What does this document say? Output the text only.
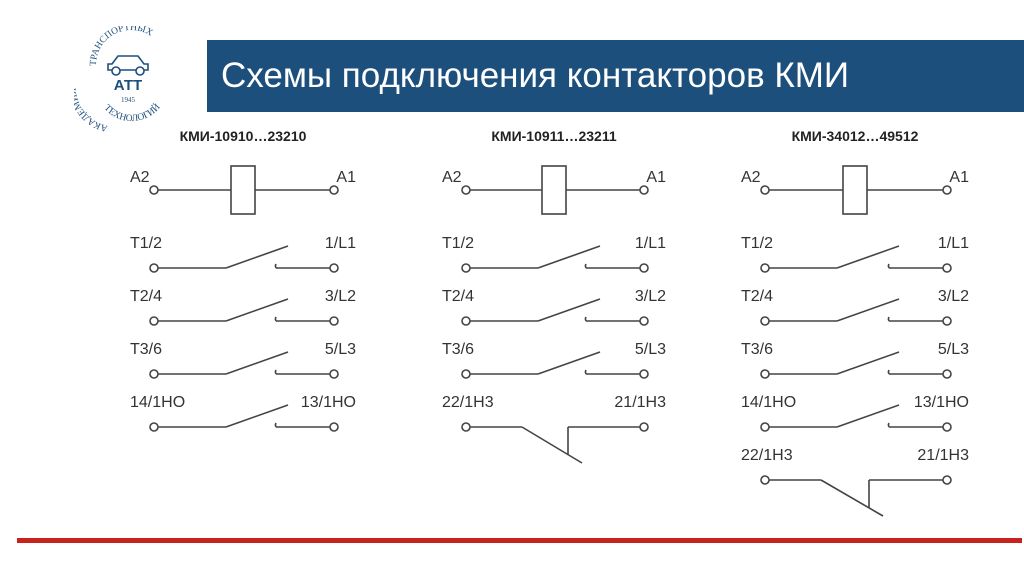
ТРАНСПОРТНЫХ
АКАДЕ	ТЕХНОЛОГИЙ
АТТ
1945
Схемы подключения контакторов КМИ
КМИ-10910…23210
A2	A1
T1/2	1/L1
T2/4	3/L2
T3/6	5/L3
14/1HO	13/1HO
КМИ-10911…23211
A2	A1
T1/2	1/L1
T2/4	3/L2
T3/6	5/L3
22/1H3	21/1H3
КМИ-34012…49512
A2	A1
T1/2	1/L1
T2/4	3/L2
T3/6	5/L3
14/1HO	13/1HO
22/1H3	21/1H3
